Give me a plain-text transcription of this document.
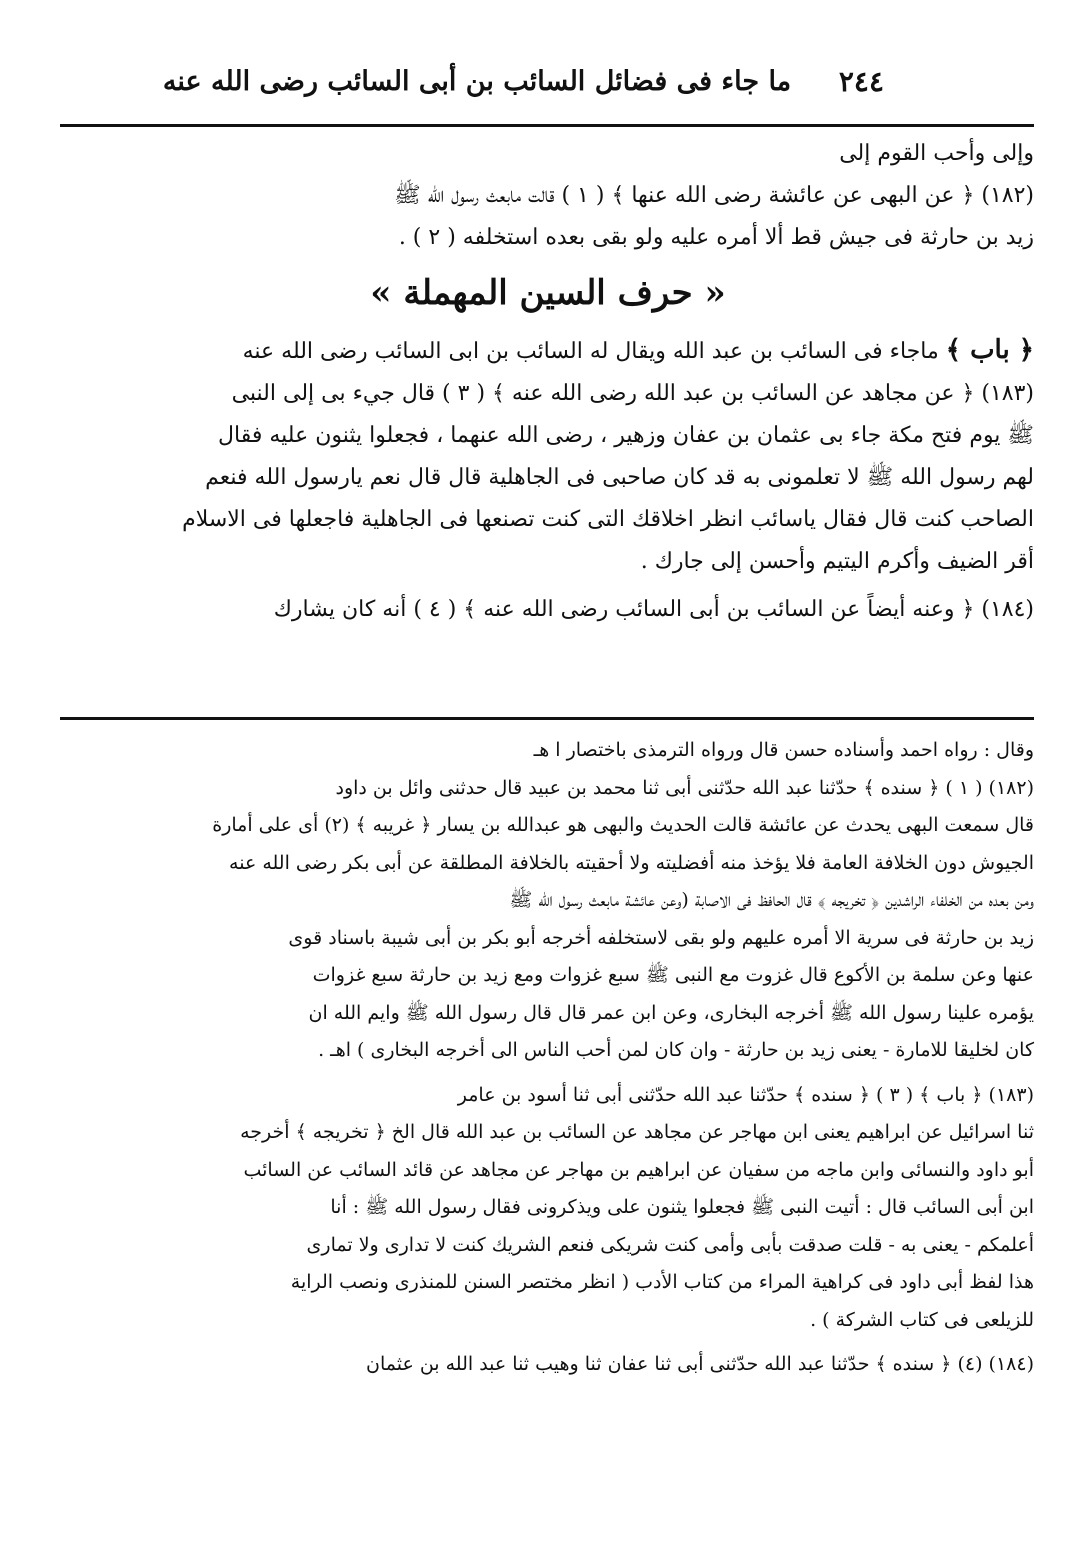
ما جاء فى فضائل السائب بن أبى السائب رضى الله عنه	٢٤٤

وإلى وأحب القوم إلى

(١٨٢) ﴿ عن البهى عن عائشة رضى الله عنها ﴾ ( ١ ) قالت مابعث رسول الله ﷺ

زيد بن حارثة فى جيش قط ألا أمره عليه ولو بقى بعده استخلفه ( ٢ ) .

« حرف السين المهملة »

﴿ باب ﴾ ماجاء فى السائب بن عبد الله ويقال له السائب بن ابى السائب رضى الله عنه

(١٨٣) ﴿ عن مجاهد عن السائب بن عبد الله رضى الله عنه ﴾ ( ٣ ) قال جيء بى إلى النبى

ﷺ يوم فتح مكة جاء بى عثمان بن عفان وزهير ، رضى الله عنهما ، فجعلوا يثنون عليه فقال

لهم رسول الله ﷺ لا تعلمونى به قد كان صاحبى فى الجاهلية قال قال نعم يارسول الله فنعم

الصاحب كنت قال فقال ياسائب انظر اخلاقك التى كنت تصنعها فى الجاهلية فاجعلها فى الاسلام

أقر الضيف وأكرم اليتيم وأحسن إلى جارك .

(١٨٤) ﴿ وعنه أيضاً عن السائب بن أبى السائب رضى الله عنه ﴾ ( ٤ ) أنه كان يشارك

وقال : رواه احمد وأسناده حسن قال ورواه الترمذى باختصار ا هـ

(١٨٢) ( ١ ) ﴿ سنده ﴾ حدّثنا عبد الله حدّثنى أبى ثنا محمد بن عبيد قال حدثنى وائل بن داود

قال سمعت البهى يحدث عن عائشة قالت الحديث والبهى هو عبدالله بن يسار ﴿ غريبه ﴾ (٢) أى على أمارة

الجيوش دون الخلافة العامة فلا يؤخذ منه أفضليته ولا أحقيته بالخلافة المطلقة عن أبى بكر رضى الله عنه

ومن بعده من الخلفاء الراشدين ﴿ تخريجه ﴾ قال الحافظ فى الاصابة (وعن عائشة مابعث رسول الله ﷺ

زيد بن حارثة فى سرية الا أمره عليهم ولو بقى لاستخلفه أخرجه أبو بكر بن أبى شيبة باسناد قوى

عنها وعن سلمة بن الأكوع قال غزوت مع النبى ﷺ سبع غزوات ومع زيد بن حارثة سبع غزوات

يؤمره علينا رسول الله ﷺ أخرجه البخارى، وعن ابن عمر قال قال رسول الله ﷺ وايم الله ان

كان لخليقا للامارة - يعنى زيد بن حارثة - وان كان لمن أحب الناس الى أخرجه البخارى ) اهـ .

(١٨٣) ﴿ باب ﴾ ( ٣ ) ﴿ سنده ﴾ حدّثنا عبد الله حدّثنى أبى ثنا أسود بن عامر

ثنا اسرائيل عن ابراهيم يعنى ابن مهاجر عن مجاهد عن السائب بن عبد الله قال الخ ﴿ تخريجه ﴾ أخرجه

أبو داود والنسائى وابن ماجه من سفيان عن ابراهيم بن مهاجر عن مجاهد عن قائد السائب عن السائب

ابن أبى السائب قال : أتيت النبى ﷺ فجعلوا يثنون على ويذكرونى فقال رسول الله ﷺ : أنا

أعلمكم - يعنى به - قلت صدقت بأبى وأمى كنت شريكى فنعم الشريك كنت لا تدارى ولا تمارى

هذا لفظ أبى داود فى كراهية المراء من كتاب الأدب ( انظر مختصر السنن للمنذرى ونصب الراية

للزيلعى فى كتاب الشركة ) .

(١٨٤) (٤) ﴿ سنده ﴾ حدّثنا عبد الله حدّثنى أبى ثنا عفان ثنا وهيب ثنا عبد الله بن عثمان
